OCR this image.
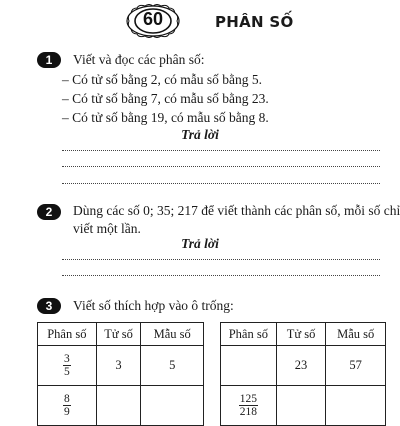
60	PHÂN SỐ
1	Viết và đọc các phân số:
– Có tử số bằng 2, có mẫu số bằng 5.
– Có tử số bằng 7, có mẫu số bằng 23.
– Có tử số bằng 19, có mẫu số bằng 8.
Trả lời
2	Dùng các số 0; 35; 217 để viết thành các phân số, mỗi số chỉ
viết một lần.
Trả lời
3	Viết số thích hợp vào ô trống:
Phân số	Tử số	Mẫu số

$\frac{3}{5}$	3	5

$\frac{8}{9}$

Phân số	Tử số	Mẫu số
	23	57

$\frac{125}{218}$
